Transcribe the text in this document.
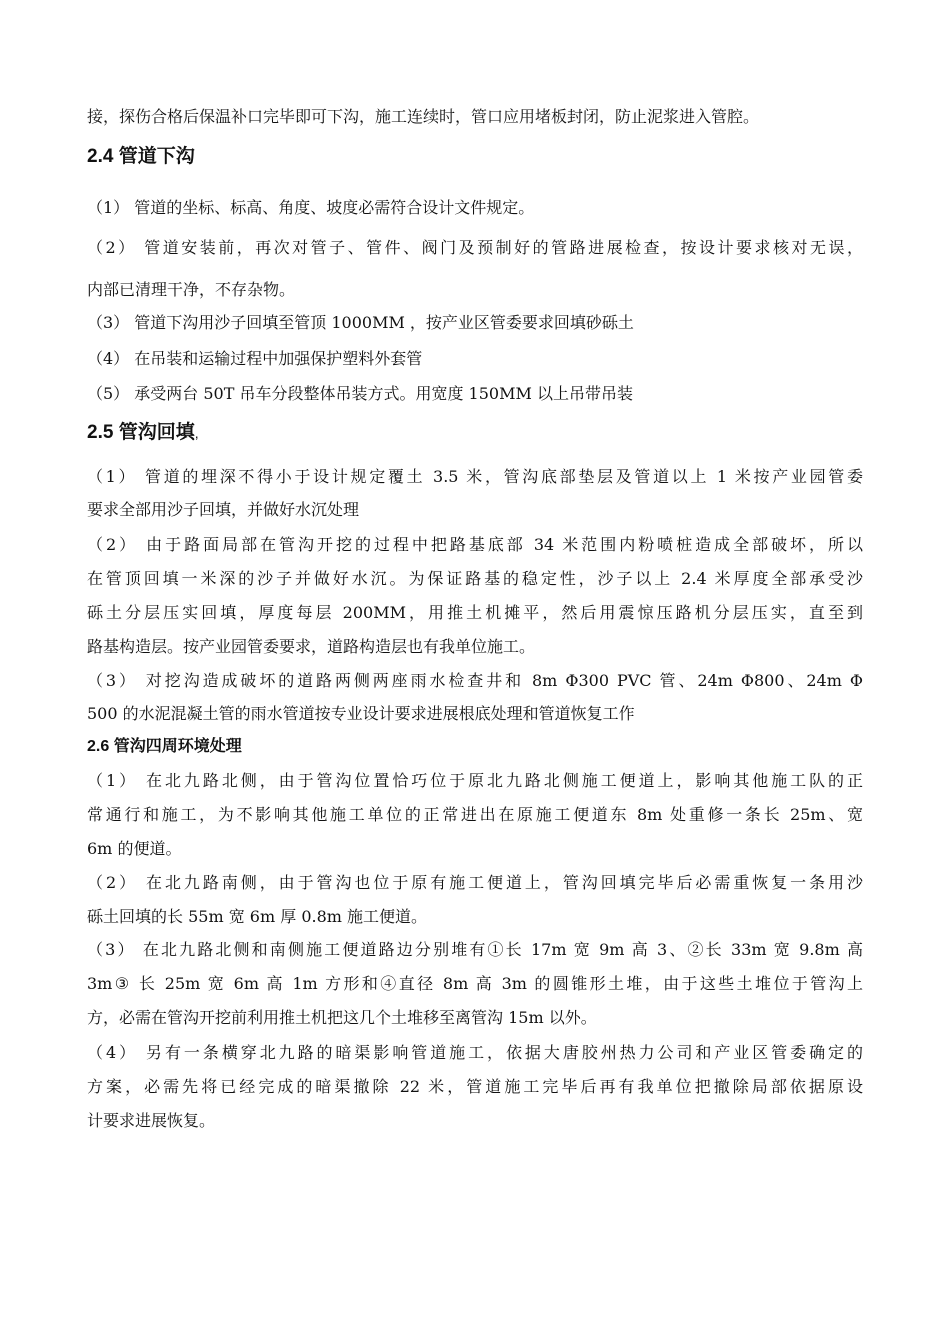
接，探伤合格后保温补口完毕即可下沟，施工连续时，管口应用堵板封闭，防止泥浆进入管腔。
2.4 管道下沟
（1） 管道的坐标、标高、角度、坡度必需符合设计文件规定。
（2） 管道安装前，再次对管子、管件、阀门及预制好的管路进展检查，按设计要求核对无误，
内部已清理干净，不存杂物。
（3） 管道下沟用沙子回填至管顶 1000MM ，按产业区管委要求回填砂砾土
（4） 在吊装和运输过程中加强保护塑料外套管
（5） 承受两台 50T 吊车分段整体吊装方式。用宽度 150MM 以上吊带吊装
2.5 管沟回填,
（1） 管道的埋深不得小于设计规定覆土 3.5 米，管沟底部垫层及管道以上 1 米按产业园管委
要求全部用沙子回填，并做好水沉处理
（2） 由于路面局部在管沟开挖的过程中把路基底部 34 米范围内粉喷桩造成全部破坏，所以
在管顶回填一米深的沙子并做好水沉。为保证路基的稳定性，沙子以上 2.4 米厚度全部承受沙
砾土分层压实回填，厚度每层 200MM，用推土机摊平，然后用震惊压路机分层压实，直至到
路基构造层。按产业园管委要求，道路构造层也有我单位施工。
（3） 对挖沟造成破坏的道路两侧两座雨水检查井和 8m Φ300 PVC 管、24m Φ800、24m Φ
500 的水泥混凝土管的雨水管道按专业设计要求进展根底处理和管道恢复工作
2.6 管沟四周环境处理
（1） 在北九路北侧，由于管沟位置恰巧位于原北九路北侧施工便道上，影响其他施工队的正
常通行和施工，为不影响其他施工单位的正常进出在原施工便道东 8m 处重修一条长 25m、宽
6m 的便道。
（2） 在北九路南侧，由于管沟也位于原有施工便道上，管沟回填完毕后必需重恢复一条用沙
砾土回填的长 55m 宽 6m 厚 0.8m 施工便道。
（3） 在北九路北侧和南侧施工便道路边分别堆有①长 17m 宽 9m 高 3、②长 33m 宽 9.8m 高
3m③ 长 25m 宽 6m 高 1m 方形和④直径 8m 高 3m 的圆锥形土堆，由于这些土堆位于管沟上
方，必需在管沟开挖前利用推土机把这几个土堆移至离管沟 15m 以外。
（4） 另有一条横穿北九路的暗渠影响管道施工，依据大唐胶州热力公司和产业区管委确定的
方案，必需先将已经完成的暗渠撤除 22 米，管道施工完毕后再有我单位把撤除局部依据原设
计要求进展恢复。
